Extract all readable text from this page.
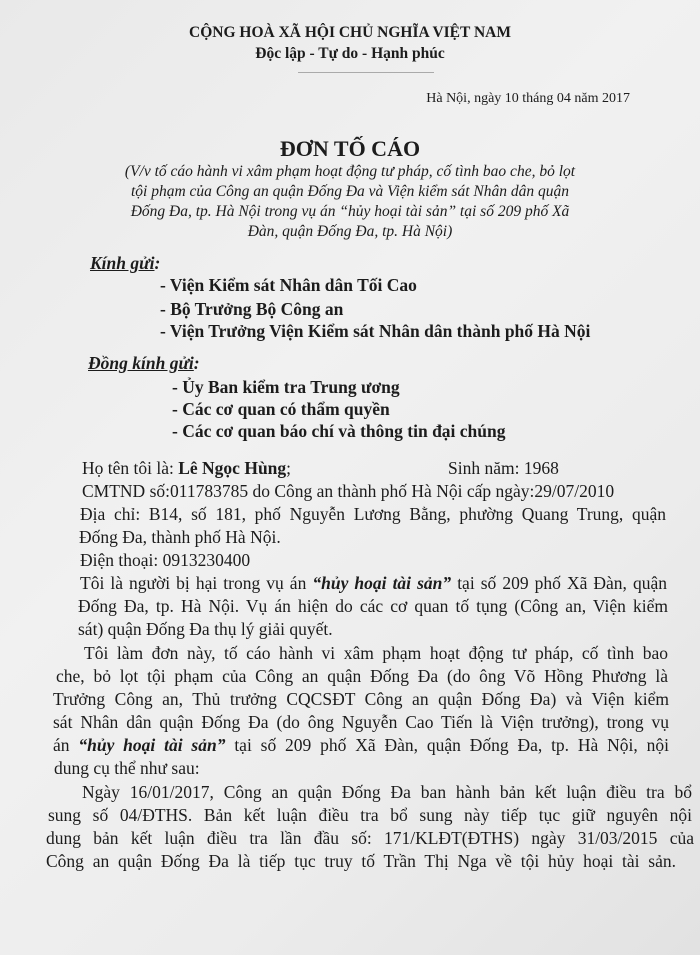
CỘNG HOÀ XÃ HỘI CHỦ NGHĨA VIỆT NAM
Độc lập - Tự do - Hạnh phúc
Hà Nội, ngày 10 tháng 04 năm 2017
ĐƠN TỐ CÁO
(V/v tố cáo hành vi xâm phạm hoạt động tư pháp, cố tình bao che, bỏ lọt
tội phạm của Công an quận Đống Đa và Viện kiểm sát Nhân dân quận
Đống Đa, tp. Hà Nội trong vụ án “hủy hoại tài sản” tại số 209 phố Xã
Đàn, quận Đống Đa, tp. Hà Nội)
Kính gửi:
- Viện Kiểm sát Nhân dân Tối Cao
- Bộ Trưởng Bộ Công an
- Viện Trưởng Viện Kiểm sát Nhân dân thành phố Hà Nội
Đồng kính gửi:
- Ủy Ban kiểm tra Trung ương
- Các cơ quan có thẩm quyền
- Các cơ quan báo chí và thông tin đại chúng
Họ tên tôi là: Lê Ngọc Hùng;	Sinh năm: 1968
CMTND số:011783785 do Công an thành phố Hà Nội cấp ngày:29/07/2010
Địa chỉ: B14, số 181, phố Nguyễn Lương Bằng, phường Quang Trung, quận
Đống Đa, thành phố Hà Nội.
Điện thoại: 0913230400
Tôi là người bị hại trong vụ án “hủy hoại tài sản” tại số 209 phố Xã Đàn, quận
Đống Đa, tp. Hà Nội. Vụ án hiện do các cơ quan tố tụng (Công an, Viện kiểm
sát) quận Đống Đa thụ lý giải quyết.
Tôi làm đơn này, tố cáo hành vi xâm phạm hoạt động tư pháp, cố tình bao
che, bỏ lọt tội phạm của Công an quận Đống Đa (do ông Võ Hồng Phương là
Trưởng Công an, Thủ trưởng CQCSĐT Công an quận Đống Đa) và Viện kiểm
sát Nhân dân quận Đống Đa (do ông Nguyễn Cao Tiến là Viện trưởng), trong vụ
án “hủy hoại tài sản” tại số 209 phố Xã Đàn, quận Đống Đa, tp. Hà Nội, nội
dung cụ thể như sau:
Ngày 16/01/2017, Công an quận Đống Đa ban hành bản kết luận điều tra bổ
sung số 04/ĐTHS. Bản kết luận điều tra bổ sung này tiếp tục giữ nguyên nội
dung bản kết luận điều tra lần đầu số: 171/KLĐT(ĐTHS) ngày 31/03/2015 của
Công an quận Đống Đa là tiếp tục truy tố Trần Thị Nga về tội hủy hoại tài sản.
